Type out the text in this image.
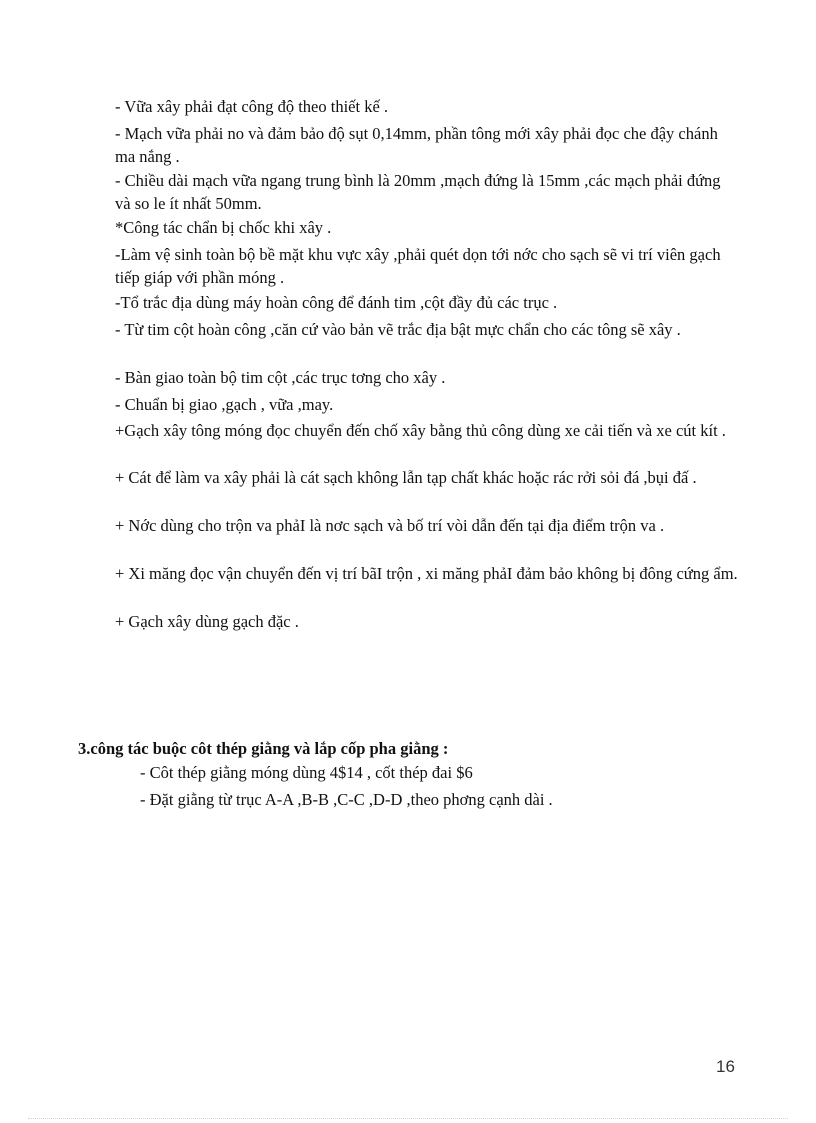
- Vữa xây phải đạt công độ theo thiết kế .

- Mạch vữa phải no và đảm bảo độ sụt 0,14mm, phần tông mới xây phải đọc che đậy chánh ma nắng .

- Chiều dài mạch vữa ngang trung bình là 20mm ,mạch đứng là 15mm ,các mạch phải đứng và so le ít nhất 50mm.

*Công tác chẩn bị chốc khi xây .

-Làm vệ sinh toàn bộ bề mặt khu vực xây ,phải quét dọn tới nớc cho sạch sẽ vi trí viên gạch tiếp giáp với phần móng .

-Tổ trắc địa dùng máy hoàn công để đánh tim ,cột đầy đủ các trục .

- Từ tim cột hoàn công ,căn cứ vào bản vẽ trắc địa bật mực chẩn cho các tông sẽ xây .

- Bàn giao toàn bộ tim cột ,các trục tơng cho xây .

- Chuẩn bị giao ,gạch , vữa ,may.

+Gạch xây tông móng đọc chuyển đến chố xây bằng thủ công dùng xe cải tiến và xe cút kít .

+ Cát để làm va xây phải là cát sạch không lẫn tạp chất khác hoặc rác rởi sỏi đá ,bụi đấ .

+ Nớc dùng cho trộn va phảI là nơc sạch và bố trí vòi dẫn đến tại địa điểm trộn va .

+ Xi măng đọc vận chuyển đến vị trí bãI trộn , xi măng phảI đảm bảo không bị đông cứng ẩm.

+ Gạch xây dùng gạch đặc .

3.công tác buộc côt thép giằng và lắp cốp pha giằng :

- Côt thép giằng móng dùng 4$14 , cốt thép đai $6

- Đặt giằng từ trục A-A ,B-B ,C-C ,D-D ,theo phơng cạnh dài .

16
